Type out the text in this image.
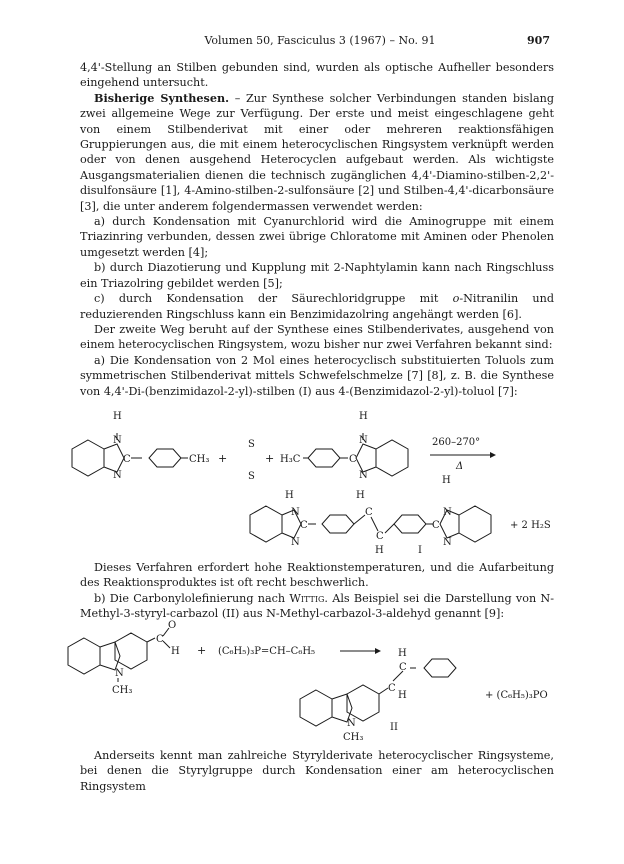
Volumen 50, Fasciculus 3 (1967) – No. 91	907

4,4'-Stellung an Stilben gebunden sind, wurden als optische Aufheller besonders eingehend untersucht.

Bisherige Synthesen. – Zur Synthese solcher Verbindungen standen bislang zwei allgemeine Wege zur Verfügung. Der erste und meist eingeschlagene geht von einem Stilbenderivat mit einer oder mehreren reaktionsfähigen Gruppierungen aus, die mit einem heterocyclischen Ringsystem verknüpft werden oder von denen ausgehend Heterocyclen aufgebaut werden. Als wichtigste Ausgangsmaterialien dienen die technisch zugänglichen 4,4'-Diamino-stilben-2,2'-disulfonsäure [1], 4-Amino-stilben-2-sulfonsäure [2] und Stilben-4,4'-dicarbonsäure [3], die unter anderem folgendermassen verwendet werden:

a) durch Kondensation mit Cyanurchlorid wird die Aminogruppe mit einem Triazinring verbunden, dessen zwei übrige Chloratome mit Aminen oder Phenolen umgesetzt werden [4];

b) durch Diazotierung und Kupplung mit 2-Naphtylamin kann nach Ringschluss ein Triazolring gebildet werden [5];

c) durch Kondensation der Säurechloridgruppe mit o-Nitranilin und reduzierenden Ringschluss kann ein Benzimidazolring angehängt werden [6].

Der zweite Weg beruht auf der Synthese eines Stilbenderivates, ausgehend von einem heterocyclischen Ringsystem, wozu bisher nur zwei Verfahren bekannt sind:

a) Die Kondensation von 2 Mol eines heterocyclisch substituierten Toluols zum symmetrischen Stilbenderivat mittels Schwefelschmelze [7] [8], z. B. die Synthese von 4,4'-Di-(benzimidazol-2-yl)-stilben (I) aus 4-(Benzimidazol-2-yl)-toluol [7]:

H
N
C
N
CH₃ +
S
S
+ H₃C
H
N
C
N
260–270°
Δ
H
N
C
N
H
C
C
H
C
H
N
N
I
+ 2 H₂S

Dieses Verfahren erfordert hohe Reaktionstemperaturen, und die Aufarbeitung des Reaktionsproduktes ist oft recht beschwerlich.

b) Die Carbonylolefinierung nach Wittig. Als Beispiel sei die Darstellung von N-Methyl-3-styryl-carbazol (II) aus N-Methyl-carbazol-3-aldehyd genannt [9]:

N
CH₃
C
O
H + (C₆H₅)₃P=CH–C₆H₅
N
CH₃
C
H
C
H
II
+ (C₆H₅)₃PO

Anderseits kennt man zahlreiche Styrylderivate heterocyclischer Ringsysteme, bei denen die Styrylgruppe durch Kondensation einer am heterocyclischen Ringsystem
